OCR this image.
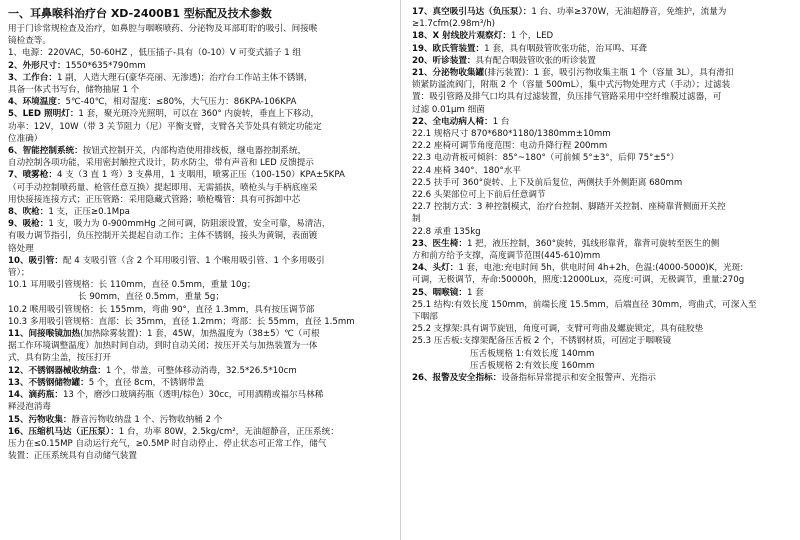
一、耳鼻喉科治疗台 XD-2400B1 型标配及技术参数
用于门诊常规检查及治疗，如鼻腔与咽喉喷药、分泌物及耳部耵聍的吸引、间接喉
镜检查等。
1、电源：220VAC，50-60HZ ，低压插子-具有（0-10）V 可变式插子 1 组
2、外形尺寸：1550*635*790mm
3、工作台：1 副，人造大理石(豪华亮丽、无渗透)；治疗台工作站主体不锈钢，
具备一体式书写台，储物抽屉 1 个
4、环境温度：5℃-40℃，相对湿度：≤80%，大气压力：86KPA-106KPA
5、LED 照明灯：1 套，聚光斑冷光照明，可以在 360° 内旋转，垂直上下移动，
功率：12V，10W（带 3 关节阻力（尼）平衡支臂，支臂各关节处具有锁定功能定
位准确）
6、智能控制系统：按钮式控制开关，内部构造使用排线板，继电器控制系统，
自动控制各项功能，采用密封触控式设计，防水防尘，带有声音和 LED 反馈提示
7、喷雾枪：4 支（3 直 1 弯）3 支鼻用，1 支咽用，喷雾正压（100-150）KPA±5KPA
（可手动控制喷药量、枪管任意互换）提起即用、无需插拔，喷枪头与手柄底座采
用快接接连接方式；正压管路：采用隐藏式管路；喷枪嘴管：具有可拆卸中芯
8、吹枪：1 支，正压≥0.1Mpa
9、吸枪：1 支，吸力为 0-900mmHg 之间可调，防阻滚设置，安全可靠，易清洁，
有吸力调节指引，负压控制开关提起自动工作；主体不锈钢，接头为黄铜，表面镀
铬处理
10、吸引管：配 4 支吸引管（含 2 个耳用吸引管、1 个喉用吸引管、1 个多用吸引
管）；
10.1 耳用吸引管规格：长 110mm，直径 0.5mm，重量 10g；
长 90mm，直径 0.5mm，重量 5g；
10.2 喉用吸引管规格：长 155mm，弯曲 90°，直径 1.3mm，具有按压调节部
10.3 多用吸引管规格：直部：长 35mm，直径 1.2mm；弯部：长 55mm，直径 1.5mm
11、间接喉镜加热(加热除雾装置)：1 套，45W，加热温度为（38±5）℃（可根
据工作环境调整温度）加热时间自动，到时自动关闭；按压开关与加热装置为一体
式，具有防尘盖，按压打开
12、不锈钢器械收纳盘：1 个，带盖，可整体移动消毒，32.5*26.5*10cm
13、不锈钢储物罐：5 个，直径 8cm，不锈钢带盖
14、滴药瓶：13 个，磨沙口玻璃药瓶（透明/棕色）30cc，可用酒精或福尔马林稀
释浸泡消毒
15、污物收集：静音污物收纳盘 1 个、污物收纳桶 2 个
16、压缩机马达（正压泵）：1 台，功率 80W，2.5kg/cm²，无油超静音，正压系统：
压力在≤0.15MP 自动运行充气，≥0.5MP 时自动停止、停止状态可正常工作，储气
装置：正压系统具有自动储气装置
17、真空吸引马达（负压泵）：1 台、功率≥370W，无油超静音，免维护，流量为
≥1.7cfm(2.98m³/h)
18、X 射线胶片观察灯：1 个，LED
19、欧氏管装置：1 套，具有咽鼓管吹张功能，治耳鸣、耳聋
20、听诊装置：具有配合咽鼓管吹张的听诊装置
21、分泌物收集罐(排污装置)：1 套，吸引污物收集主瓶 1 个（容量 3L），具有滑扣
锁紧防溢流阀门，附瓶 2 个（容量 500mL），集中式污物处理方式（手动）；过滤装
置：吸引管路及排气口均具有过滤装置，负压排气管路采用中空纤维膜过滤器，可
过滤 0.01μm 细菌
22、全电动病人椅：1 台
22.1 规格尺寸 870*680*1180/1380mm±10mm
22.2 座椅可调节角度范围：电动升降行程 200mm
22.3 电动背板可倾斜：85°~180°（可前倾 5°±3°，后仰 75°±5°）
22.4 座椅 340°、180°水平
22.5 扶手可 360°旋转、上下及前后复位，两侧扶手外侧距离 680mm
22.6 头架部位可上下前后任意调节
22.7 控制方式：3 种控制模式，治疗台控制、脚踏开关控制、座椅靠背侧面开关控
制
22.8 承重 135kg
23、医生椅：1 把，液压控制，360°旋转，弧线形靠背，靠背可旋转至医生的侧
方和前方给予支撑，高度调节范围(445-610)mm
24、头灯：1 套，电池:充电时间 5h，供电时间 4h+2h，色温:(4000-5000)K，光斑:
可调，无极调节，寿命:50000h，照度:12000Lux，亮度:可调，无极调节，重量:270g
25、咽喉镜：1 套
25.1 结构:有效长度 150mm，前端长度 15.5mm，后端直径 30mm，弯曲式，可深入至
下咽部
25.2 支撑架:具有调节旋钮，角度可调，支臂可弯曲及螺旋锁定，具有硅胶垫
25.3 压舌板:支撑架配备压舌板 2 个，不锈钢材质，可固定于咽喉镜
压舌板规格 1:有效长度 140mm
压舌板规格 2:有效长度 160mm
26、报警及安全指标：设备指标异常提示和安全报警声、光指示
